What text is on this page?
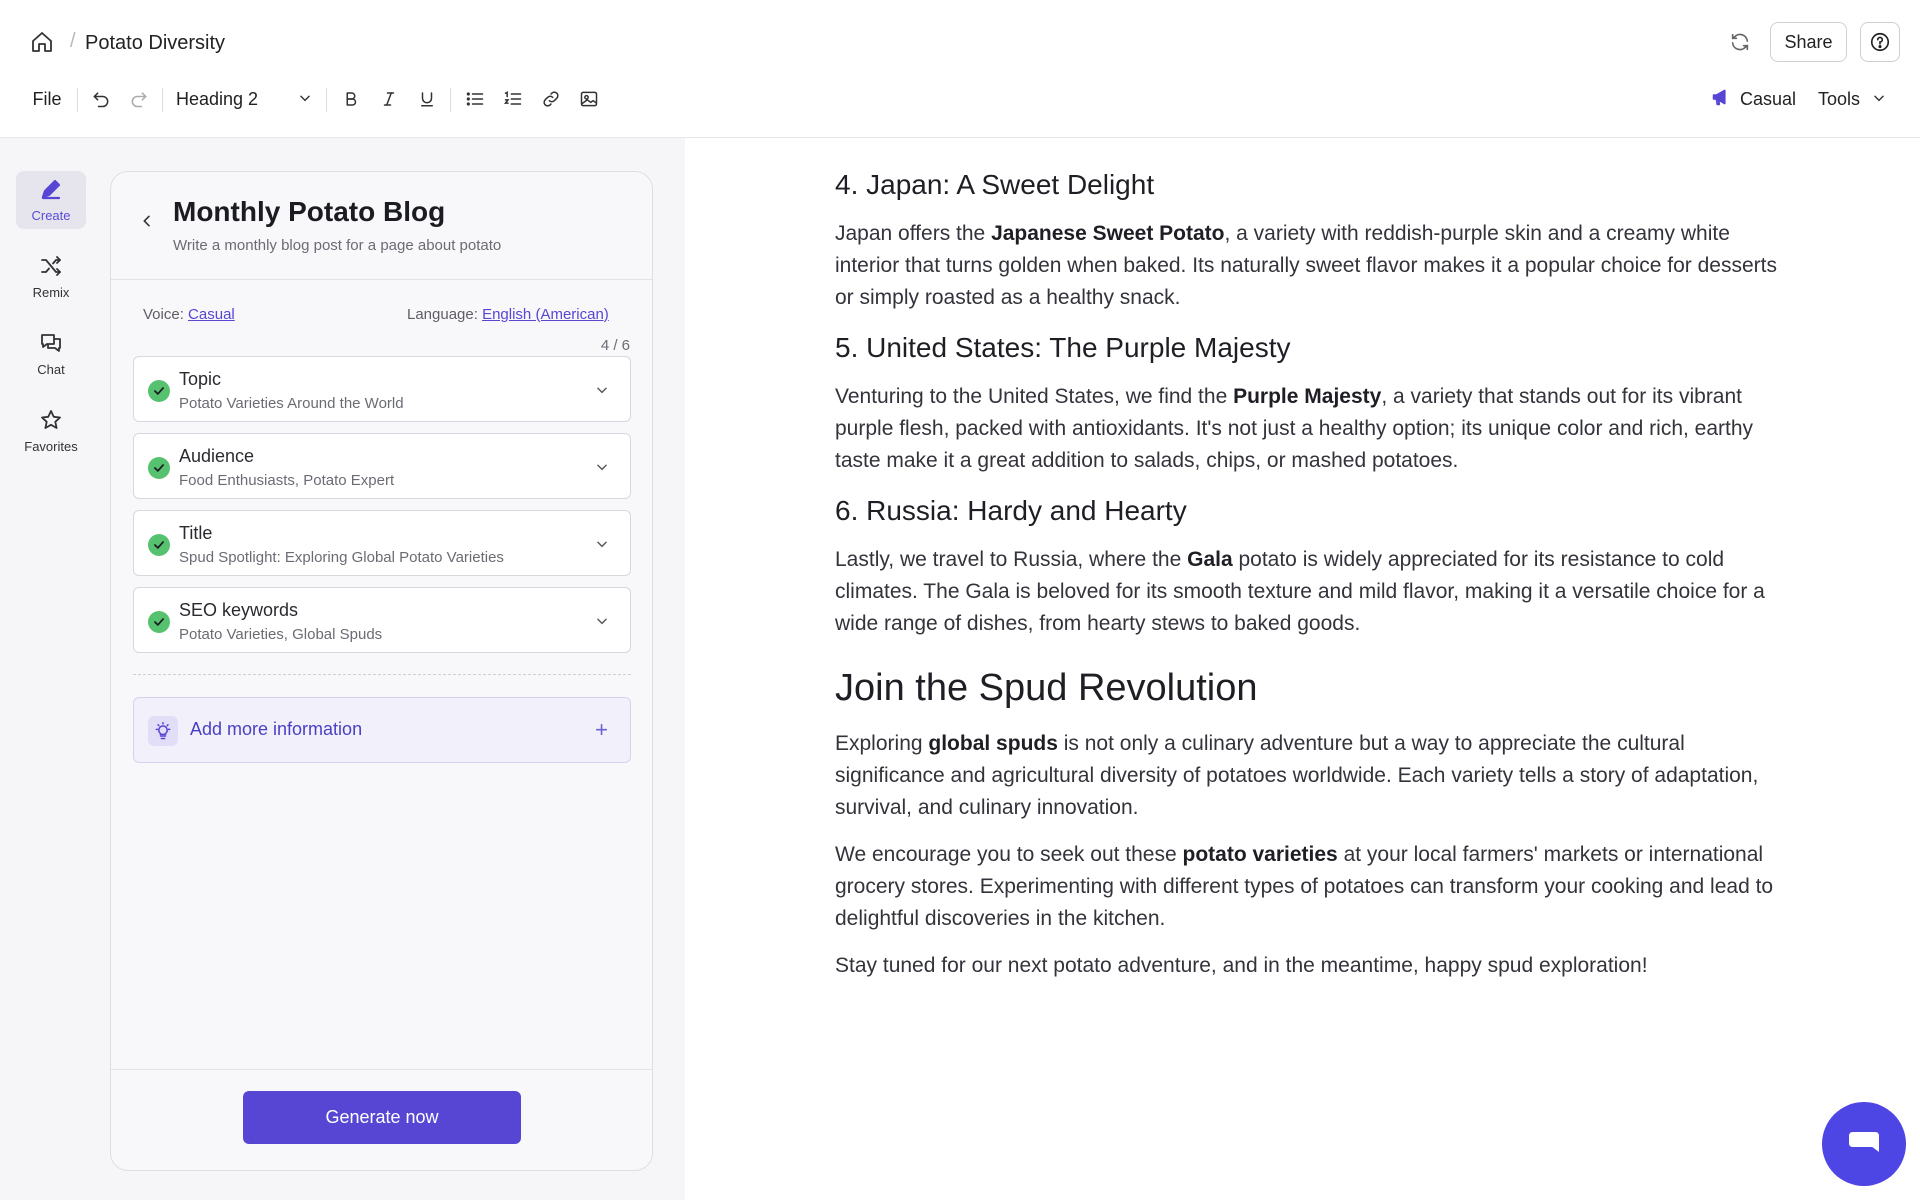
/ Potato Diversity	Share
File	Heading 2	Casual Tools
Create
Remix
Chat
Favorites
Monthly Potato Blog
Write a monthly blog post for a page about potato
Voice: Casual	Language: English (American)
4 / 6
Topic
Potato Varieties Around the World
Audience
Food Enthusiasts, Potato Expert
Title
Spud Spotlight: Exploring Global Potato Varieties
SEO keywords
Potato Varieties, Global Spuds
Add more information	+
Generate now
4. Japan: A Sweet Delight

Japan offers the Japanese Sweet Potato, a variety with reddish-purple skin and a creamy white interior that turns golden when baked. Its naturally sweet flavor makes it a popular choice for desserts or simply roasted as a healthy snack.

5. United States: The Purple Majesty

Venturing to the United States, we find the Purple Majesty, a variety that stands out for its vibrant purple flesh, packed with antioxidants. It's not just a healthy option; its unique color and rich, earthy taste make it a great addition to salads, chips, or mashed potatoes.

6. Russia: Hardy and Hearty

Lastly, we travel to Russia, where the Gala potato is widely appreciated for its resistance to cold climates. The Gala is beloved for its smooth texture and mild flavor, making it a versatile choice for a wide range of dishes, from hearty stews to baked goods.

Join the Spud Revolution

Exploring global spuds is not only a culinary adventure but a way to appreciate the cultural significance and agricultural diversity of potatoes worldwide. Each variety tells a story of adaptation, survival, and culinary innovation.

We encourage you to seek out these potato varieties at your local farmers' markets or international grocery stores. Experimenting with different types of potatoes can transform your cooking and lead to delightful discoveries in the kitchen.

Stay tuned for our next potato adventure, and in the meantime, happy spud exploration!
